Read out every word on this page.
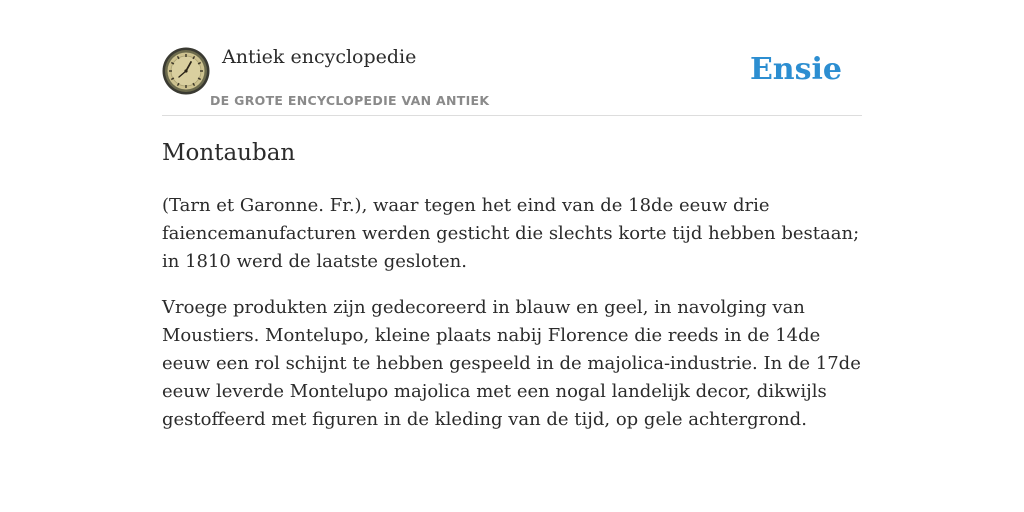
Antiek encyclopedie
DE GROTE ENCYCLOPEDIE VAN ANTIEK
Ensie
Montauban

(Tarn et Garonne. Fr.), waar tegen het eind van de 18de eeuw drie faiencemanufacturen werden gesticht die slechts korte tijd hebben bestaan; in 1810 werd de laatste gesloten.

Vroege produkten zijn gedecoreerd in blauw en geel, in navolging van Moustiers. Montelupo, kleine plaats nabij Florence die reeds in de 14de eeuw een rol schijnt te hebben gespeeld in de majolica-industrie. In de 17de eeuw leverde Montelupo majolica met een nogal landelijk decor, dikwijls gestoffeerd met figuren in de kleding van de tijd, op gele achtergrond.
